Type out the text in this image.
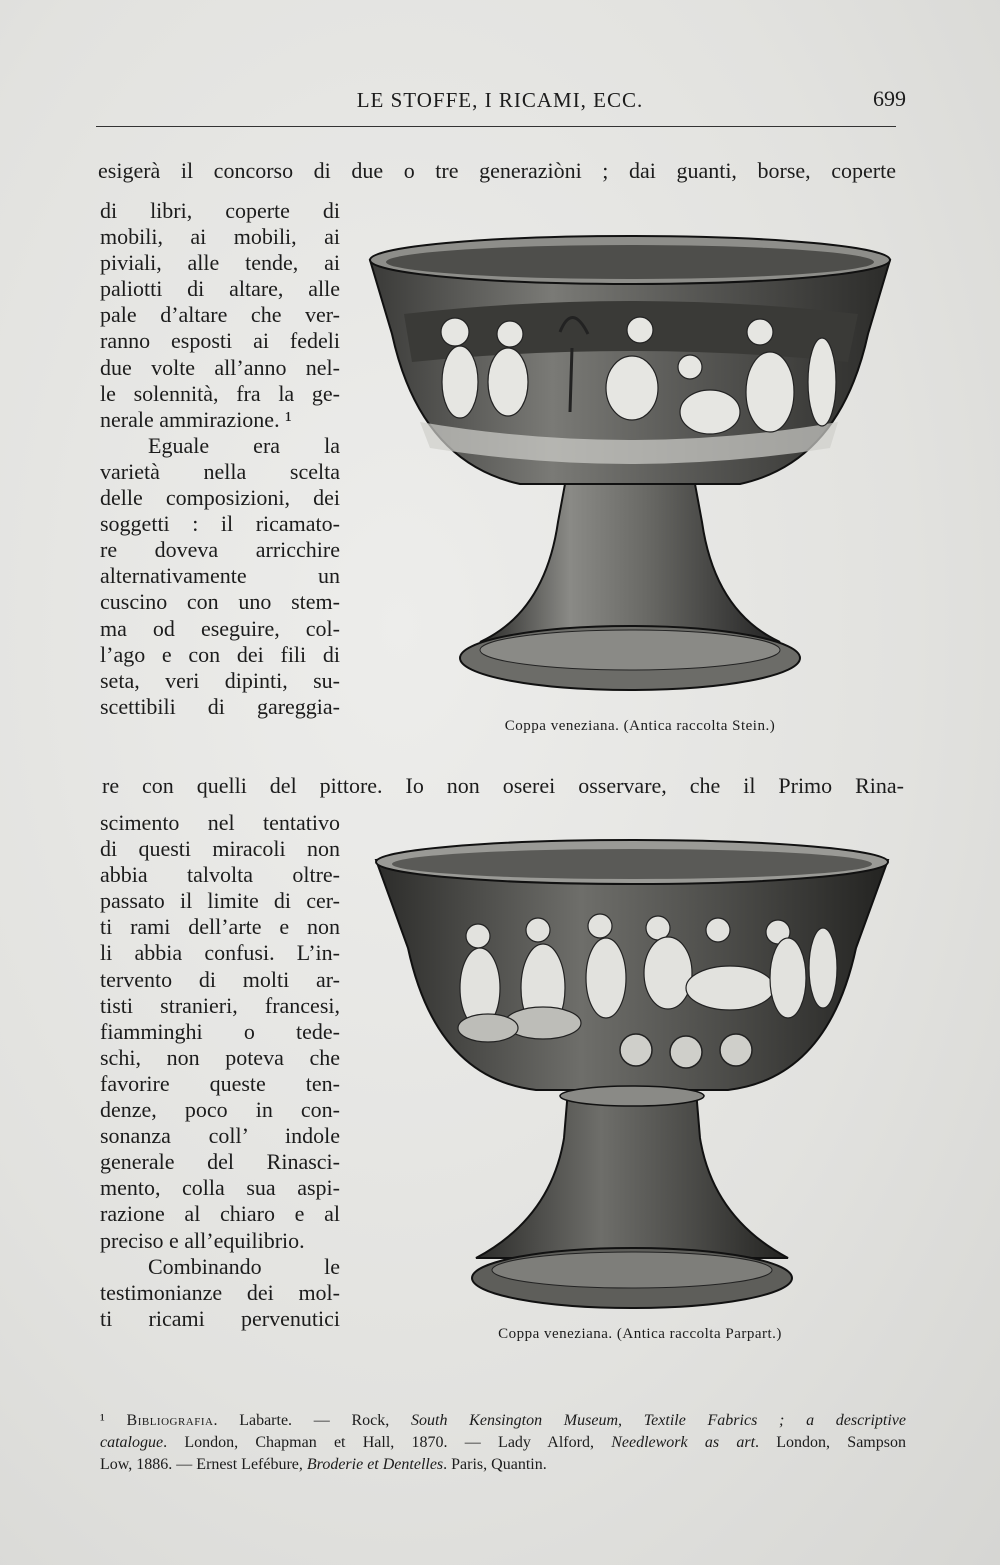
LE STOFFE, I RICAMI, ECC.	699
esigerà il concorso di due o tre generaziòni ; dai guanti, borse, coperte
di libri, coperte di
mobili, ai mobili, ai
piviali, alle tende, ai
paliotti di altare, alle
pale d’altare che ver-
ranno esposti ai fedeli
due volte all’anno nel-
le solennità, fra la ge-
nerale ammirazione. ¹
Eguale era la
varietà nella scelta
delle composizioni, dei
soggetti : il ricamato-
re doveva arricchire
alternativamente un
cuscino con uno stem-
ma od eseguire, col-
l’ago e con dei fili di
seta, veri dipinti, su-
scettibili di gareggia-
re con quelli del pittore. Io non oserei osservare, che il Primo Rina-
scimento nel tentativo
di questi miracoli non
abbia talvolta oltre-
passato il limite di cer-
ti rami dell’arte e non
li abbia confusi. L’in-
tervento di molti ar-
tisti stranieri, francesi,
fiamminghi o tede-
schi, non poteva che
favorire queste ten-
denze, poco in con-
sonanza coll’ indole
generale del Rinasci-
mento, colla sua aspi-
razione al chiaro e al
preciso e all’equilibrio.
Combinando le
testimonianze dei mol-
ti ricami pervenutici
Coppa veneziana. (Antica raccolta Stein.)
Coppa veneziana. (Antica raccolta Parpart.)
¹ Bibliografia. Labarte. — Rock, South Kensington Museum, Textile Fabrics ; a descriptive
catalogue. London, Chapman et Hall, 1870. — Lady Alford, Needlework as art. London, Sampson
Low, 1886. — Ernest Lefébure, Broderie et Dentelles. Paris, Quantin.
